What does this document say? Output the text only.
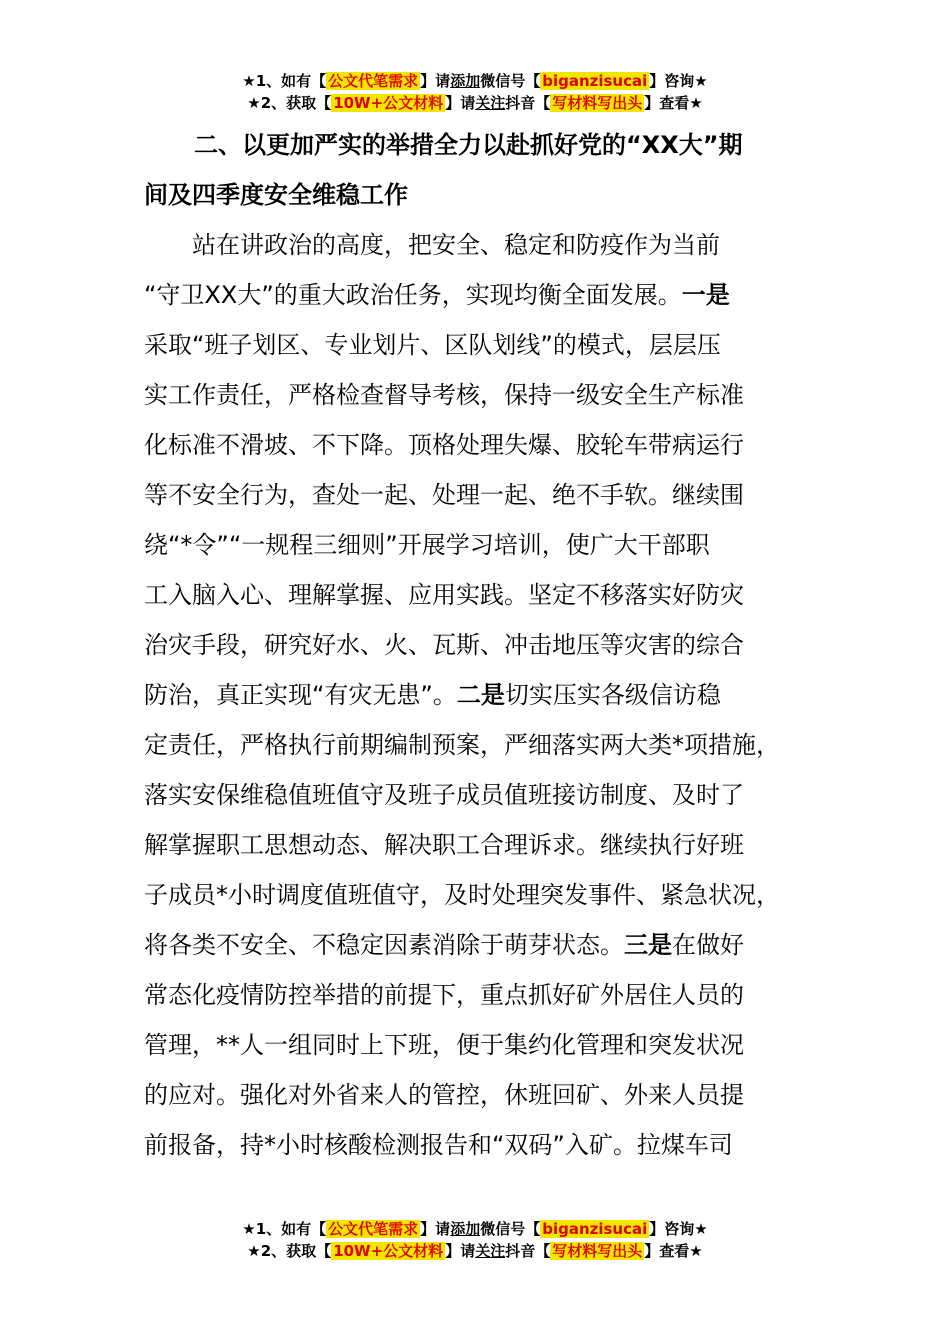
★1、如有【 公文代笔需求 】请添加微信号【 biganzisucai 】咨询★
★2、获取【 10W+公文材料 】请关注抖音【 写材料写出头 】查看★
二、以更加严实的举措全力以赴抓好党的“XX大”期
间及四季度安全维稳工作
站在讲政治的高度，把安全、稳定和防疫作为当前
“守卫XX大”的重大政治任务，实现均衡全面发展。一是
采取“班子划区、专业划片、区队划线”的模式，层层压
实工作责任，严格检查督导考核，保持一级安全生产标准
化标准不滑坡、不下降。顶格处理失爆、胶轮车带病运行
等不安全行为，查处一起、处理一起、绝不手软。继续围
绕“*令”“一规程三细则”开展学习培训，使广大干部职
工入脑入心、理解掌握、应用实践。坚定不移落实好防灾
治灾手段，研究好水、火、瓦斯、冲击地压等灾害的综合
防治，真正实现“有灾无患”。二是切实压实各级信访稳
定责任，严格执行前期编制预案，严细落实两大类*项措施，
落实安保维稳值班值守及班子成员值班接访制度、及时了
解掌握职工思想动态、解决职工合理诉求。继续执行好班
子成员*小时调度值班值守，及时处理突发事件、紧急状况，
将各类不安全、不稳定因素消除于萌芽状态。三是在做好
常态化疫情防控举措的前提下，重点抓好矿外居住人员的
管理，**人一组同时上下班，便于集约化管理和突发状况
的应对。强化对外省来人的管控，休班回矿、外来人员提
前报备，持*小时核酸检测报告和“双码”入矿。拉煤车司
★1、如有【 公文代笔需求 】请添加微信号【 biganzisucai 】咨询★
★2、获取【 10W+公文材料 】请关注抖音【 写材料写出头 】查看★
